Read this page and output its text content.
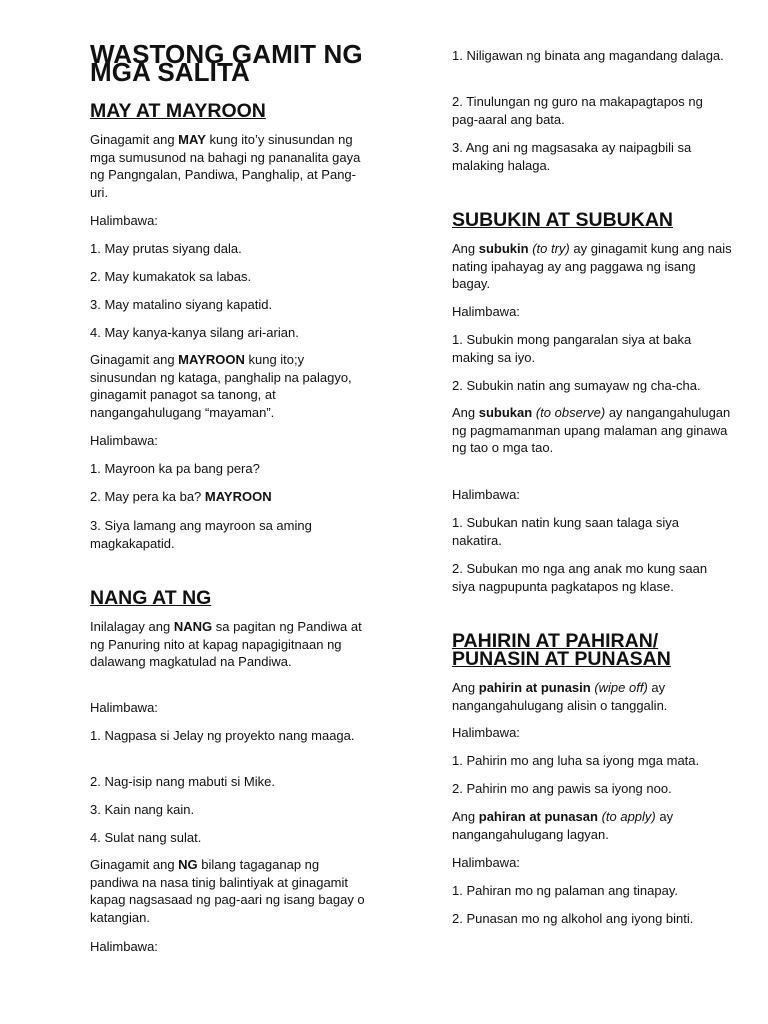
WASTONG GAMIT NG MGA SALITA
MAY AT MAYROON

Ginagamit ang MAY kung ito’y sinusundan ng mga sumusunod na bahagi ng pananalita gaya ng Pangngalan, Pandiwa, Panghalip, at Pang-uri.

Halimbawa:

1. May prutas siyang dala.

2. May kumakatok sa labas.

3. May matalino siyang kapatid.

4. May kanya-kanya silang ari-arian.

Ginagamit ang MAYROON kung ito;y sinusundan ng kataga, panghalip na palagyo, ginagamit panagot sa tanong, at nangangahulugang “mayaman”.

Halimbawa:

1. Mayroon ka pa bang pera?

2. May pera ka ba? MAYROON

3. Siya lamang ang mayroon sa aming magkakapatid.

NANG AT NG

Inilalagay ang NANG sa pagitan ng Pandiwa at ng Panuring nito at kapag napagigitnaan ng dalawang magkatulad na Pandiwa.

Halimbawa:

1. Nagpasa si Jelay ng proyekto nang maaga.

2. Nag-isip nang mabuti si Mike.

3. Kain nang kain.

4. Sulat nang sulat.

Ginagamit ang NG bilang tagaganap ng pandiwa na nasa tinig balintiyak at ginagamit kapag nagsasaad ng pag-aari ng isang bagay o katangian.

Halimbawa:

1. Niligawan ng binata ang magandang dalaga.

2. Tinulungan ng guro na makapagtapos ng pag-aaral ang bata.

3. Ang ani ng magsasaka ay naipagbili sa malaking halaga.

SUBUKIN AT SUBUKAN

Ang subukin (to try) ay ginagamit kung ang nais nating ipahayag ay ang paggawa ng isang bagay.

Halimbawa:

1. Subukin mong pangaralan siya at baka making sa iyo.

2. Subukin natin ang sumayaw ng cha-cha.

Ang subukan (to observe) ay nangangahulugan ng pagmamanman upang malaman ang ginawa ng tao o mga tao.

Halimbawa:

1. Subukan natin kung saan talaga siya nakatira.

2. Subukan mo nga ang anak mo kung saan siya nagpupunta pagkatapos ng klase.

PAHIRIN AT PAHIRAN/ PUNASIN AT PUNASAN

Ang pahirin at punasin (wipe off) ay nangangahulugang alisin o tanggalin.

Halimbawa:

1. Pahirin mo ang luha sa iyong mga mata.

2. Pahirin mo ang pawis sa iyong noo.

Ang pahiran at punasan (to apply) ay nangangahulugang lagyan.

Halimbawa:

1. Pahiran mo ng palaman ang tinapay.

2. Punasan mo ng alkohol ang iyong binti.
